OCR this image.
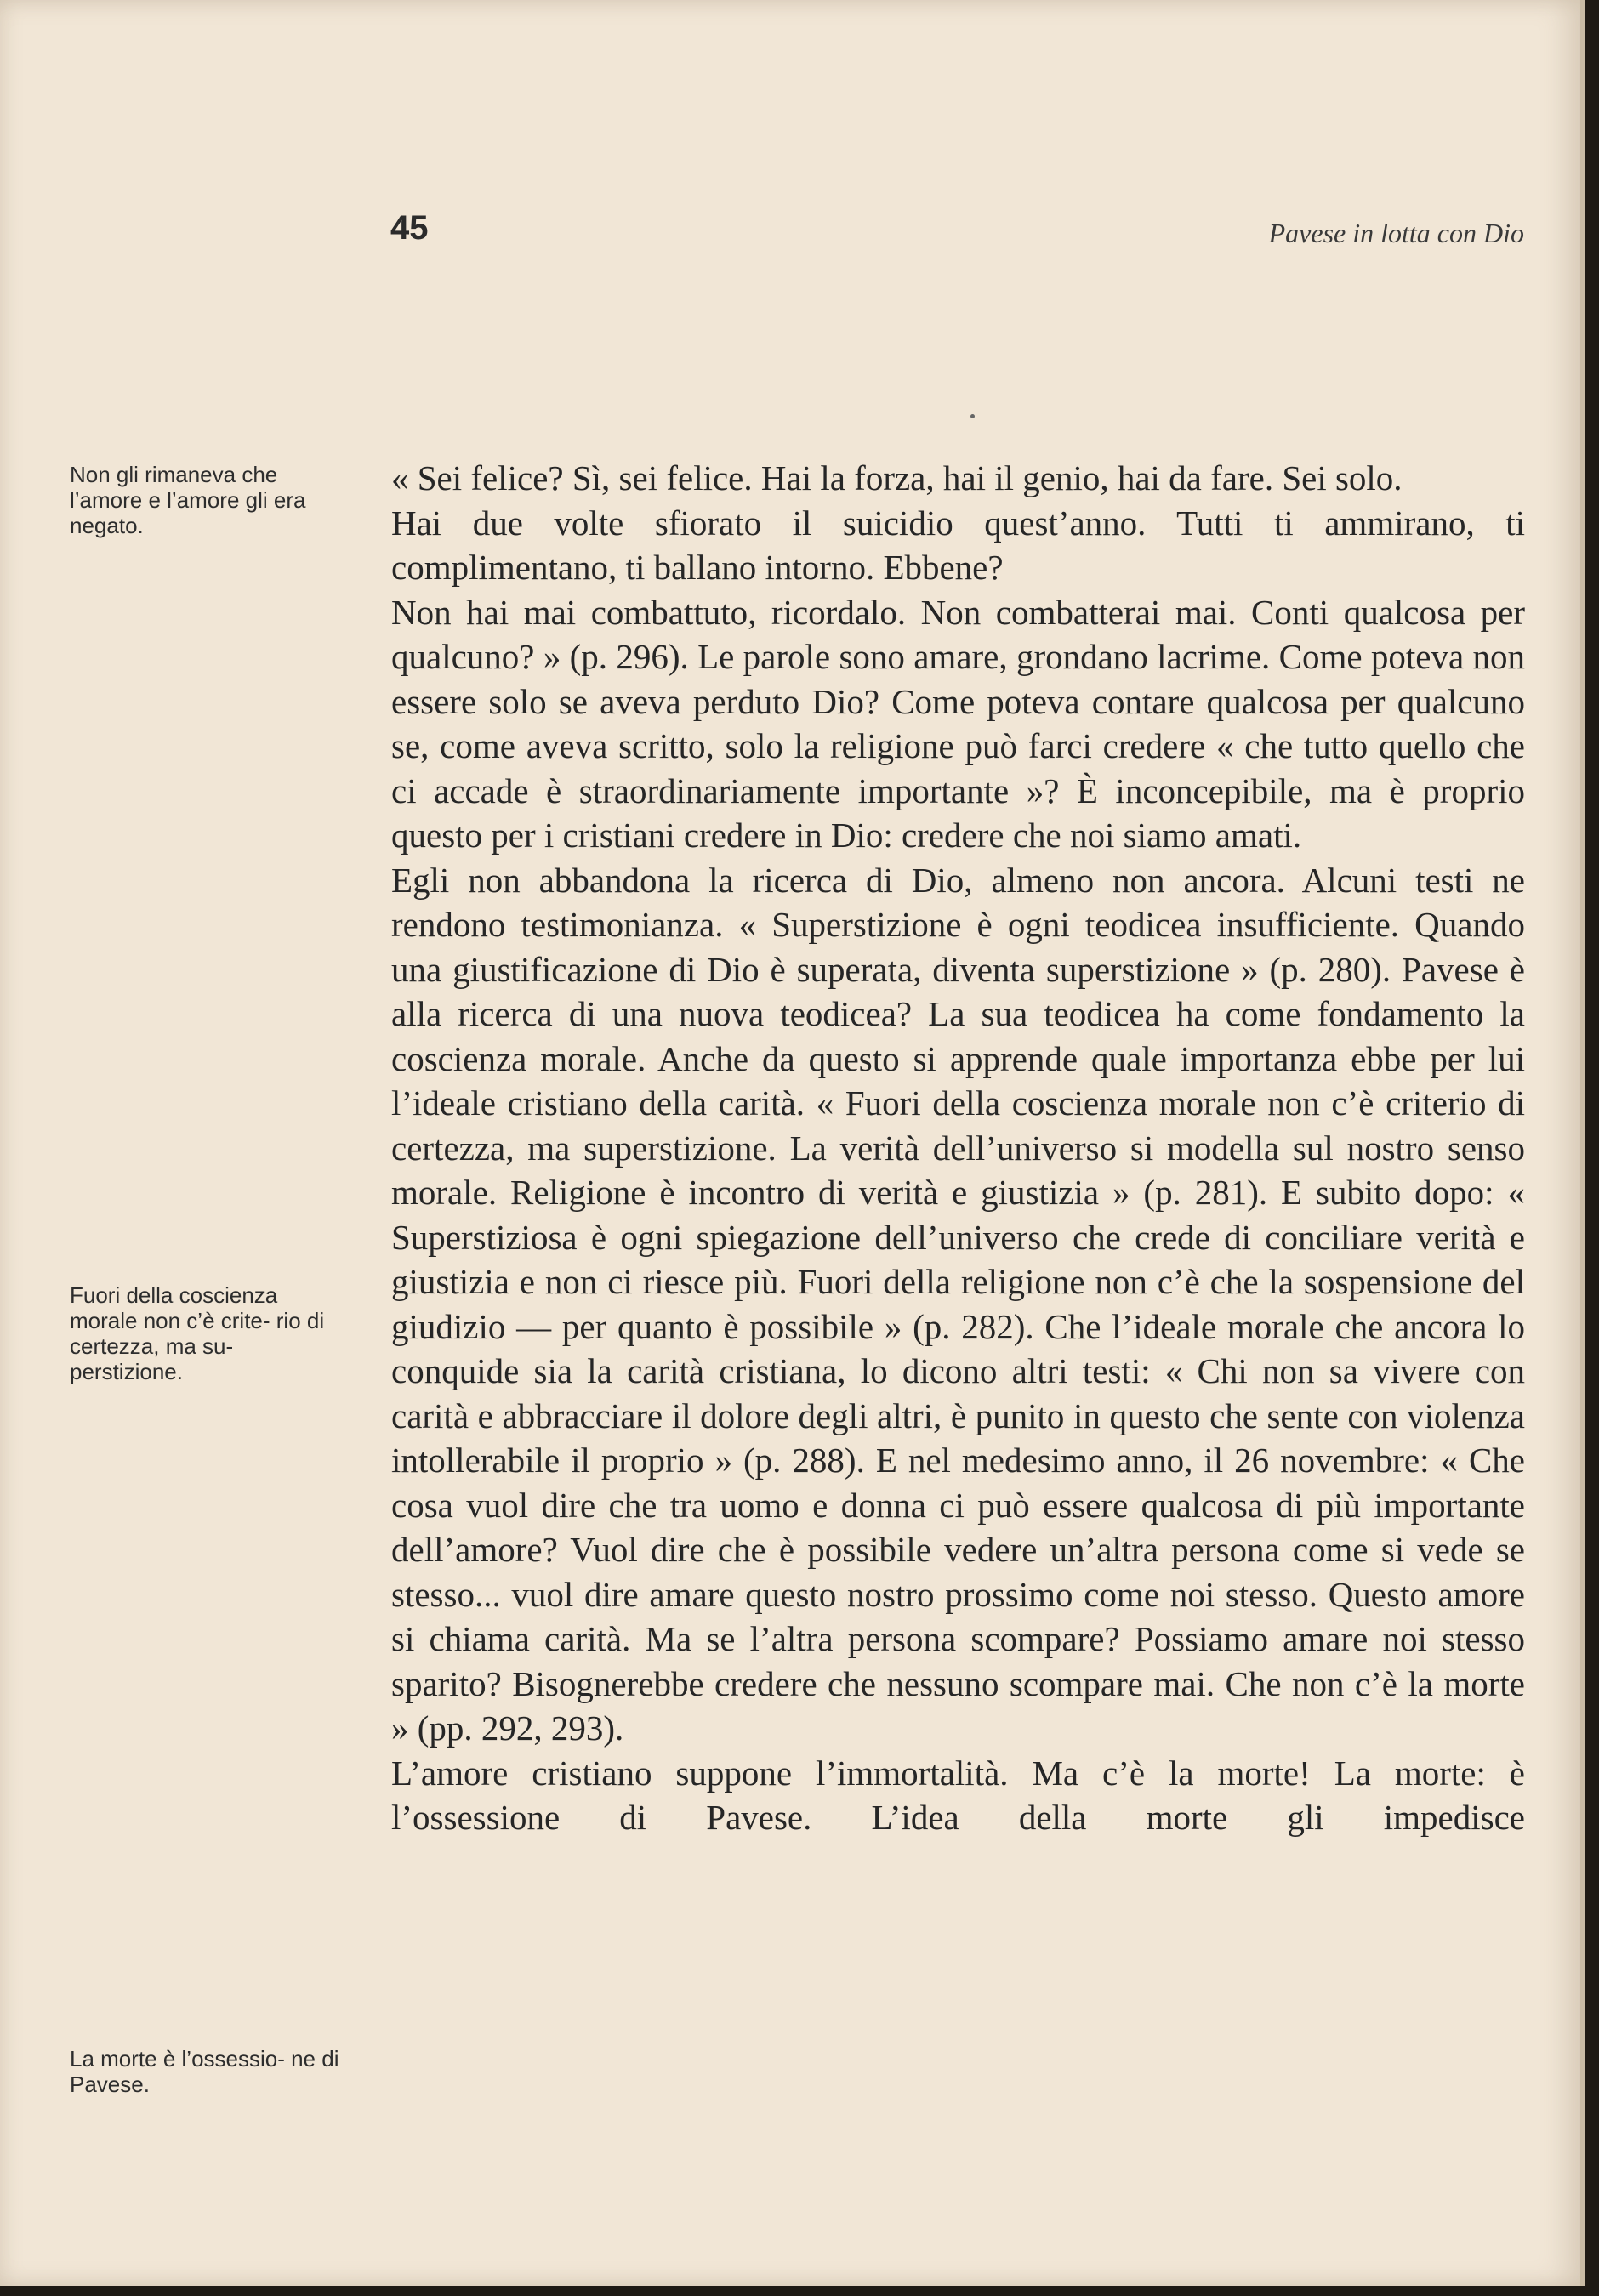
45	Pavese in lotta con Dio

Non gli rimaneva che l’amore e l’amore gli era negato.

Fuori della coscienza morale non c’è crite- rio di certezza, ma su- perstizione.

La morte è l’ossessio- ne di Pavese.

« Sei felice? Sì, sei felice. Hai la forza, hai il genio, hai da fare. Sei solo.

Hai due volte sfiorato il suicidio quest’anno. Tutti ti ammirano, ti complimentano, ti ballano intorno. Ebbene?

Non hai mai combattuto, ricordalo. Non combatterai mai. Conti qualcosa per qualcuno? » (p. 296). Le parole sono amare, grondano lacrime. Come poteva non essere solo se aveva perduto Dio? Come poteva contare qualcosa per qualcuno se, come aveva scritto, solo la religione può farci credere « che tutto quello che ci accade è straordinariamente importante »? È inconcepibile, ma è proprio questo per i cristiani credere in Dio: credere che noi siamo amati.

Egli non abbandona la ricerca di Dio, almeno non ancora. Alcuni testi ne rendono testimonianza. « Superstizione è ogni teodicea insufficiente. Quando una giustificazione di Dio è superata, diventa superstizione » (p. 280). Pavese è alla ricerca di una nuova teodicea? La sua teodicea ha come fondamento la coscienza morale. Anche da questo si apprende quale importanza ebbe per lui l’ideale cristiano della carità. « Fuori della coscienza morale non c’è criterio di certezza, ma superstizione. La verità dell’universo si modella sul nostro senso morale. Religione è incontro di verità e giustizia » (p. 281). E subito dopo: « Superstiziosa è ogni spiegazione dell’universo che crede di conciliare verità e giustizia e non ci riesce più. Fuori della religione non c’è che la sospensione del giudizio — per quanto è possibile » (p. 282). Che l’ideale morale che ancora lo conquide sia la carità cristiana, lo dicono altri testi: « Chi non sa vivere con carità e abbracciare il dolore degli altri, è punito in questo che sente con violenza intollerabile il proprio » (p. 288). E nel medesimo anno, il 26 novembre: « Che cosa vuol dire che tra uomo e donna ci può essere qualcosa di più importante dell’amore? Vuol dire che è possibile vedere un’altra persona come si vede se stesso... vuol dire amare questo nostro prossimo come noi stesso. Questo amore si chiama carità. Ma se l’altra persona scompare? Possiamo amare noi stesso sparito? Bisognerebbe credere che nessuno scompare mai. Che non c’è la morte » (pp. 292, 293).

L’amore cristiano suppone l’immortalità. Ma c’è la morte! La morte: è l’ossessione di Pavese. L’idea della morte gli impedisce
